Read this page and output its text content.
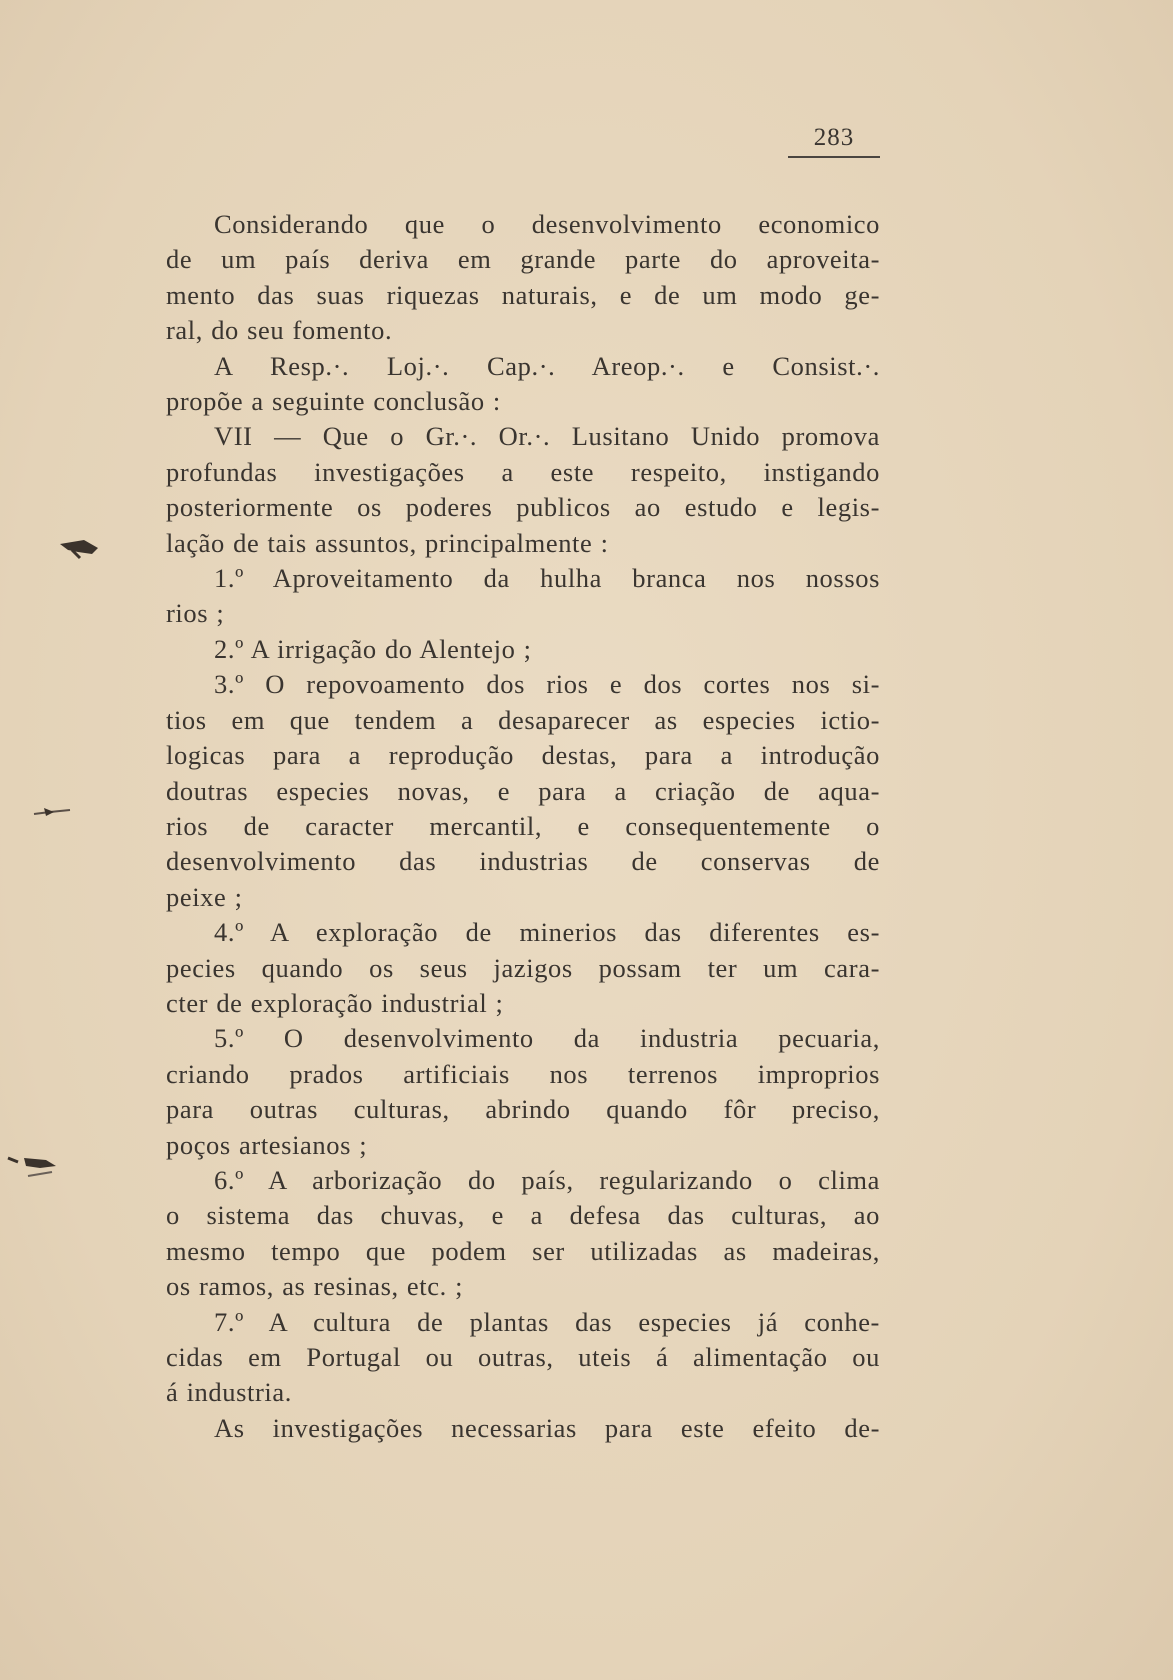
283
Considerando que o desenvolvimento economico
de um país deriva em grande parte do aproveita-
mento das suas riquezas naturais, e de um modo ge-
ral, do seu fomento.
A Resp.·. Loj.·. Cap.·. Areop.·. e Consist.·.
propõe a seguinte conclusão :
VII — Que o Gr.·. Or.·. Lusitano Unido promova
profundas investigações a este respeito, instigando
posteriormente os poderes publicos ao estudo e legis-
lação de tais assuntos, principalmente :
1.º Aproveitamento da hulha branca nos nossos
rios ;
2.º A irrigação do Alentejo ;
3.º O repovoamento dos rios e dos cortes nos si-
tios em que tendem a desaparecer as especies ictio-
logicas para a reprodução destas, para a introdução
doutras especies novas, e para a criação de aqua-
rios de caracter mercantil, e consequentemente o
desenvolvimento das industrias de conservas de
peixe ;
4.º A exploração de minerios das diferentes es-
pecies quando os seus jazigos possam ter um cara-
cter de exploração industrial ;
5.º O desenvolvimento da industria pecuaria,
criando prados artificiais nos terrenos improprios
para outras culturas, abrindo quando fôr preciso,
poços artesianos ;
6.º A arborização do país, regularizando o clima
o sistema das chuvas, e a defesa das culturas, ao
mesmo tempo que podem ser utilizadas as madeiras,
os ramos, as resinas, etc. ;
7.º A cultura de plantas das especies já conhe-
cidas em Portugal ou outras, uteis á alimentação ou
á industria.
As investigações necessarias para este efeito de-
